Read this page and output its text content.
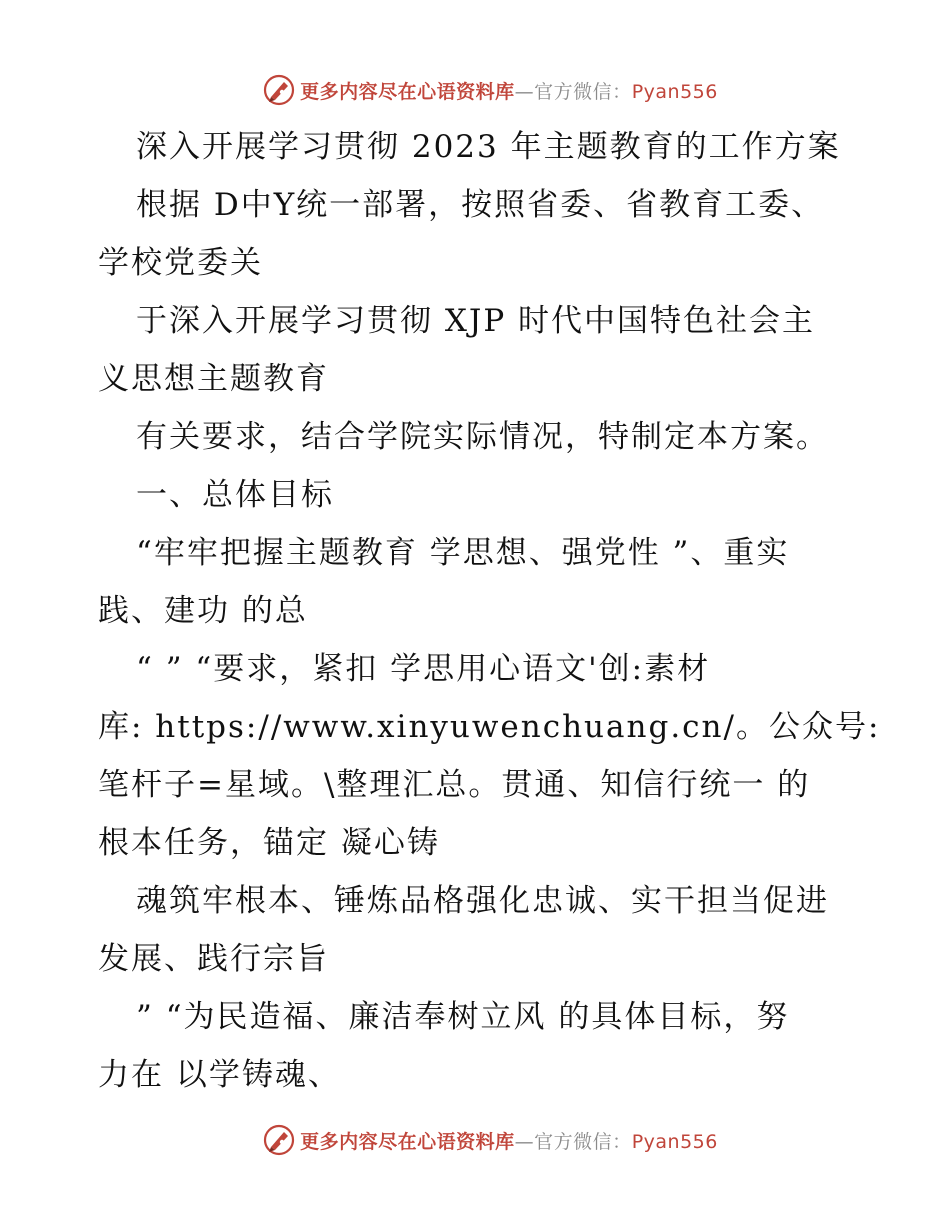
更多内容尽在心语资料库—官方微信：Pyan556
深入开展学习贯彻 2023 年主题教育的工作方案
根据 D中Y统一部署，按照省委、省教育工委、
学校党委关
于深入开展学习贯彻 XJP 时代中国特色社会主
义思想主题教育
有关要求，结合学院实际情况，特制定本方案。
一、总体目标
“牢牢把握主题教育 学思想、强党性 ”、重实
践、建功 的总
“ ” “要求，紧扣 学思用心语文'创:素材
库: https://www.xinyuwenchuang.cn/。公众号:
笔杆子=星域。\整理汇总。贯通、知信行统一 的
根本任务，锚定 凝心铸
魂筑牢根本、锤炼品格强化忠诚、实干担当促进
发展、践行宗旨
” “为民造福、廉洁奉树立风 的具体目标，努
力在 以学铸魂、
更多内容尽在心语资料库—官方微信：Pyan556
